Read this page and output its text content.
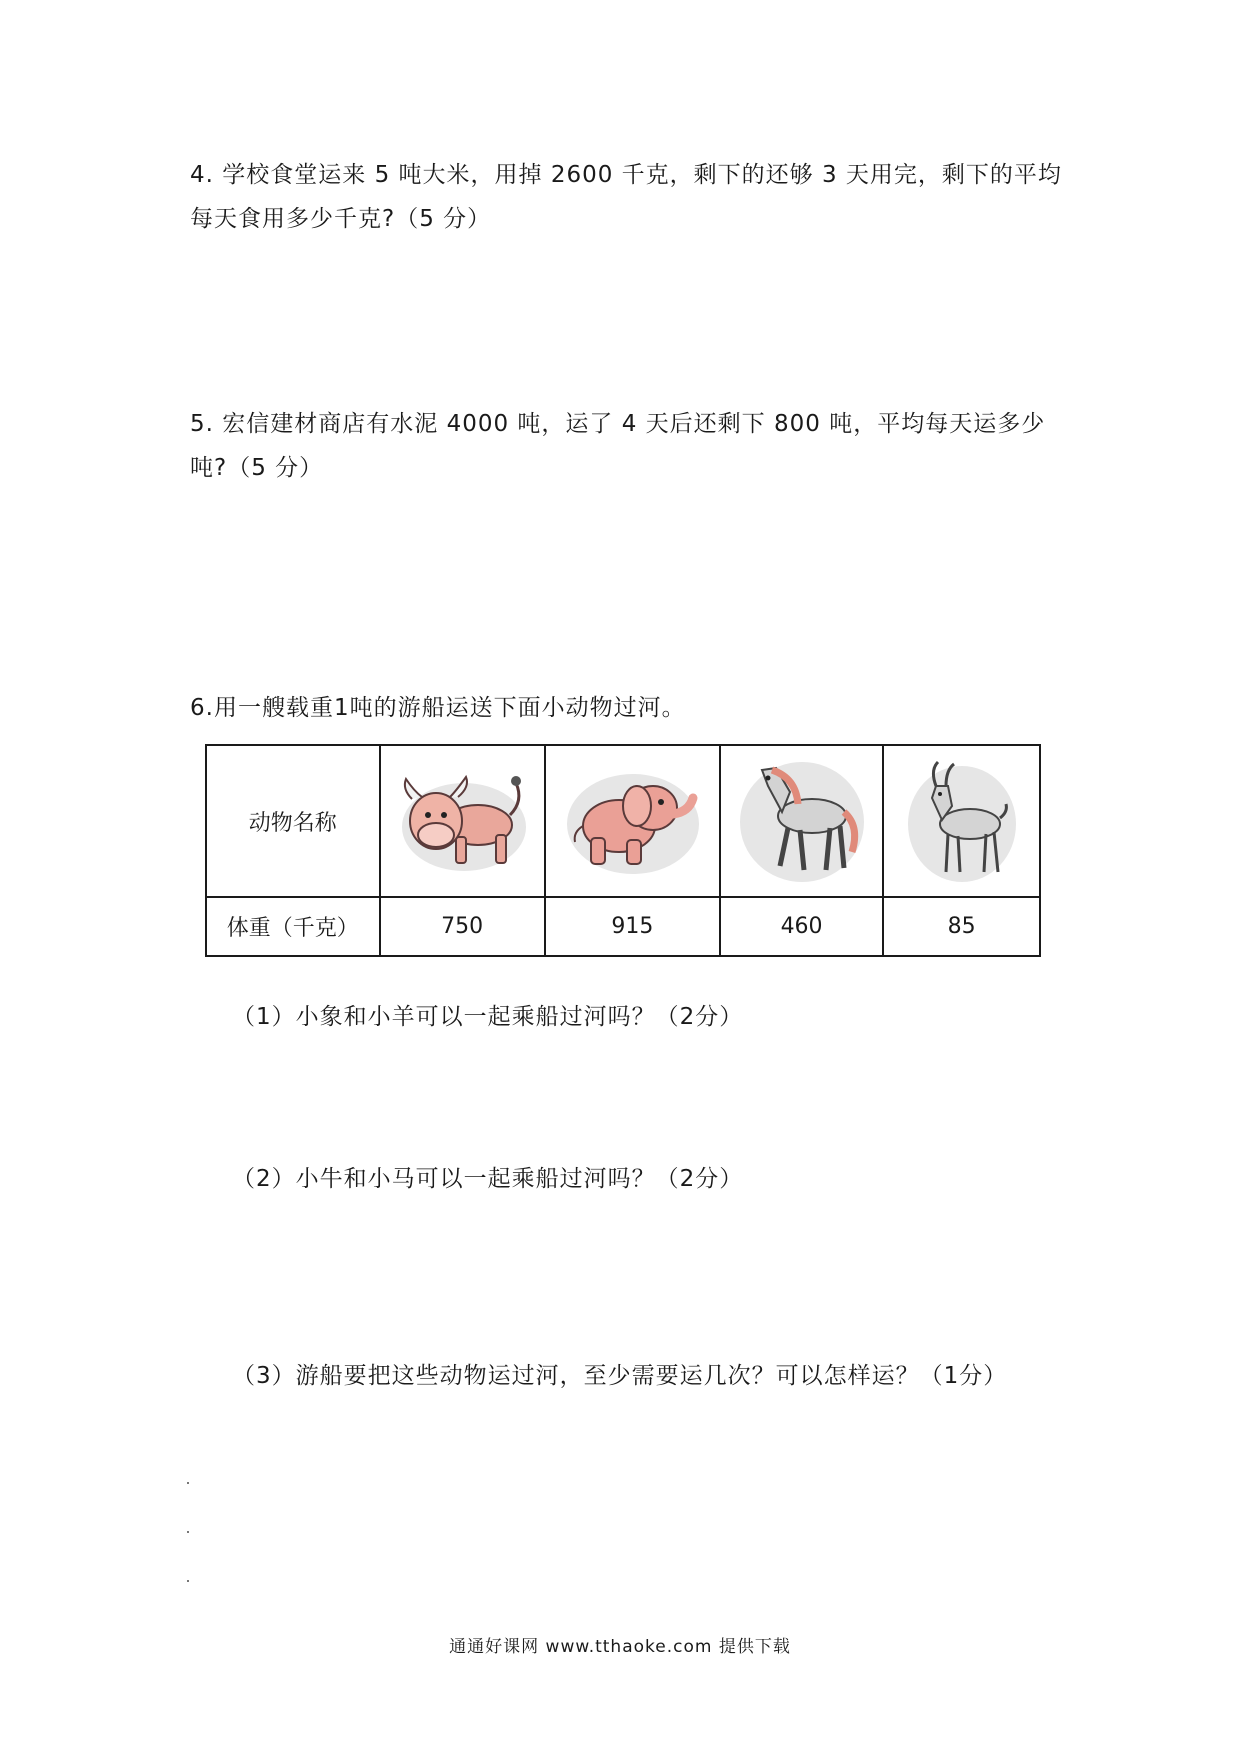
4. 学校食堂运来 5 吨大米，用掉 2600 千克，剩下的还够 3 天用完，剩下的平均每天食用多少千克?（5 分）

5. 宏信建材商店有水泥 4000 吨，运了 4 天后还剩下 800 吨，平均每天运多少吨?（5 分）

6.用一艘载重1吨的游船运送下面小动物过河。

动物名称	

体重（千克）	750	915	460	85
（1）小象和小羊可以一起乘船过河吗？（2分）
（2）小牛和小马可以一起乘船过河吗？（2分）
（3）游船要把这些动物运过河，至少需要运几次？可以怎样运？（1分）
通通好课网 www.tthaoke.com 提供下载
